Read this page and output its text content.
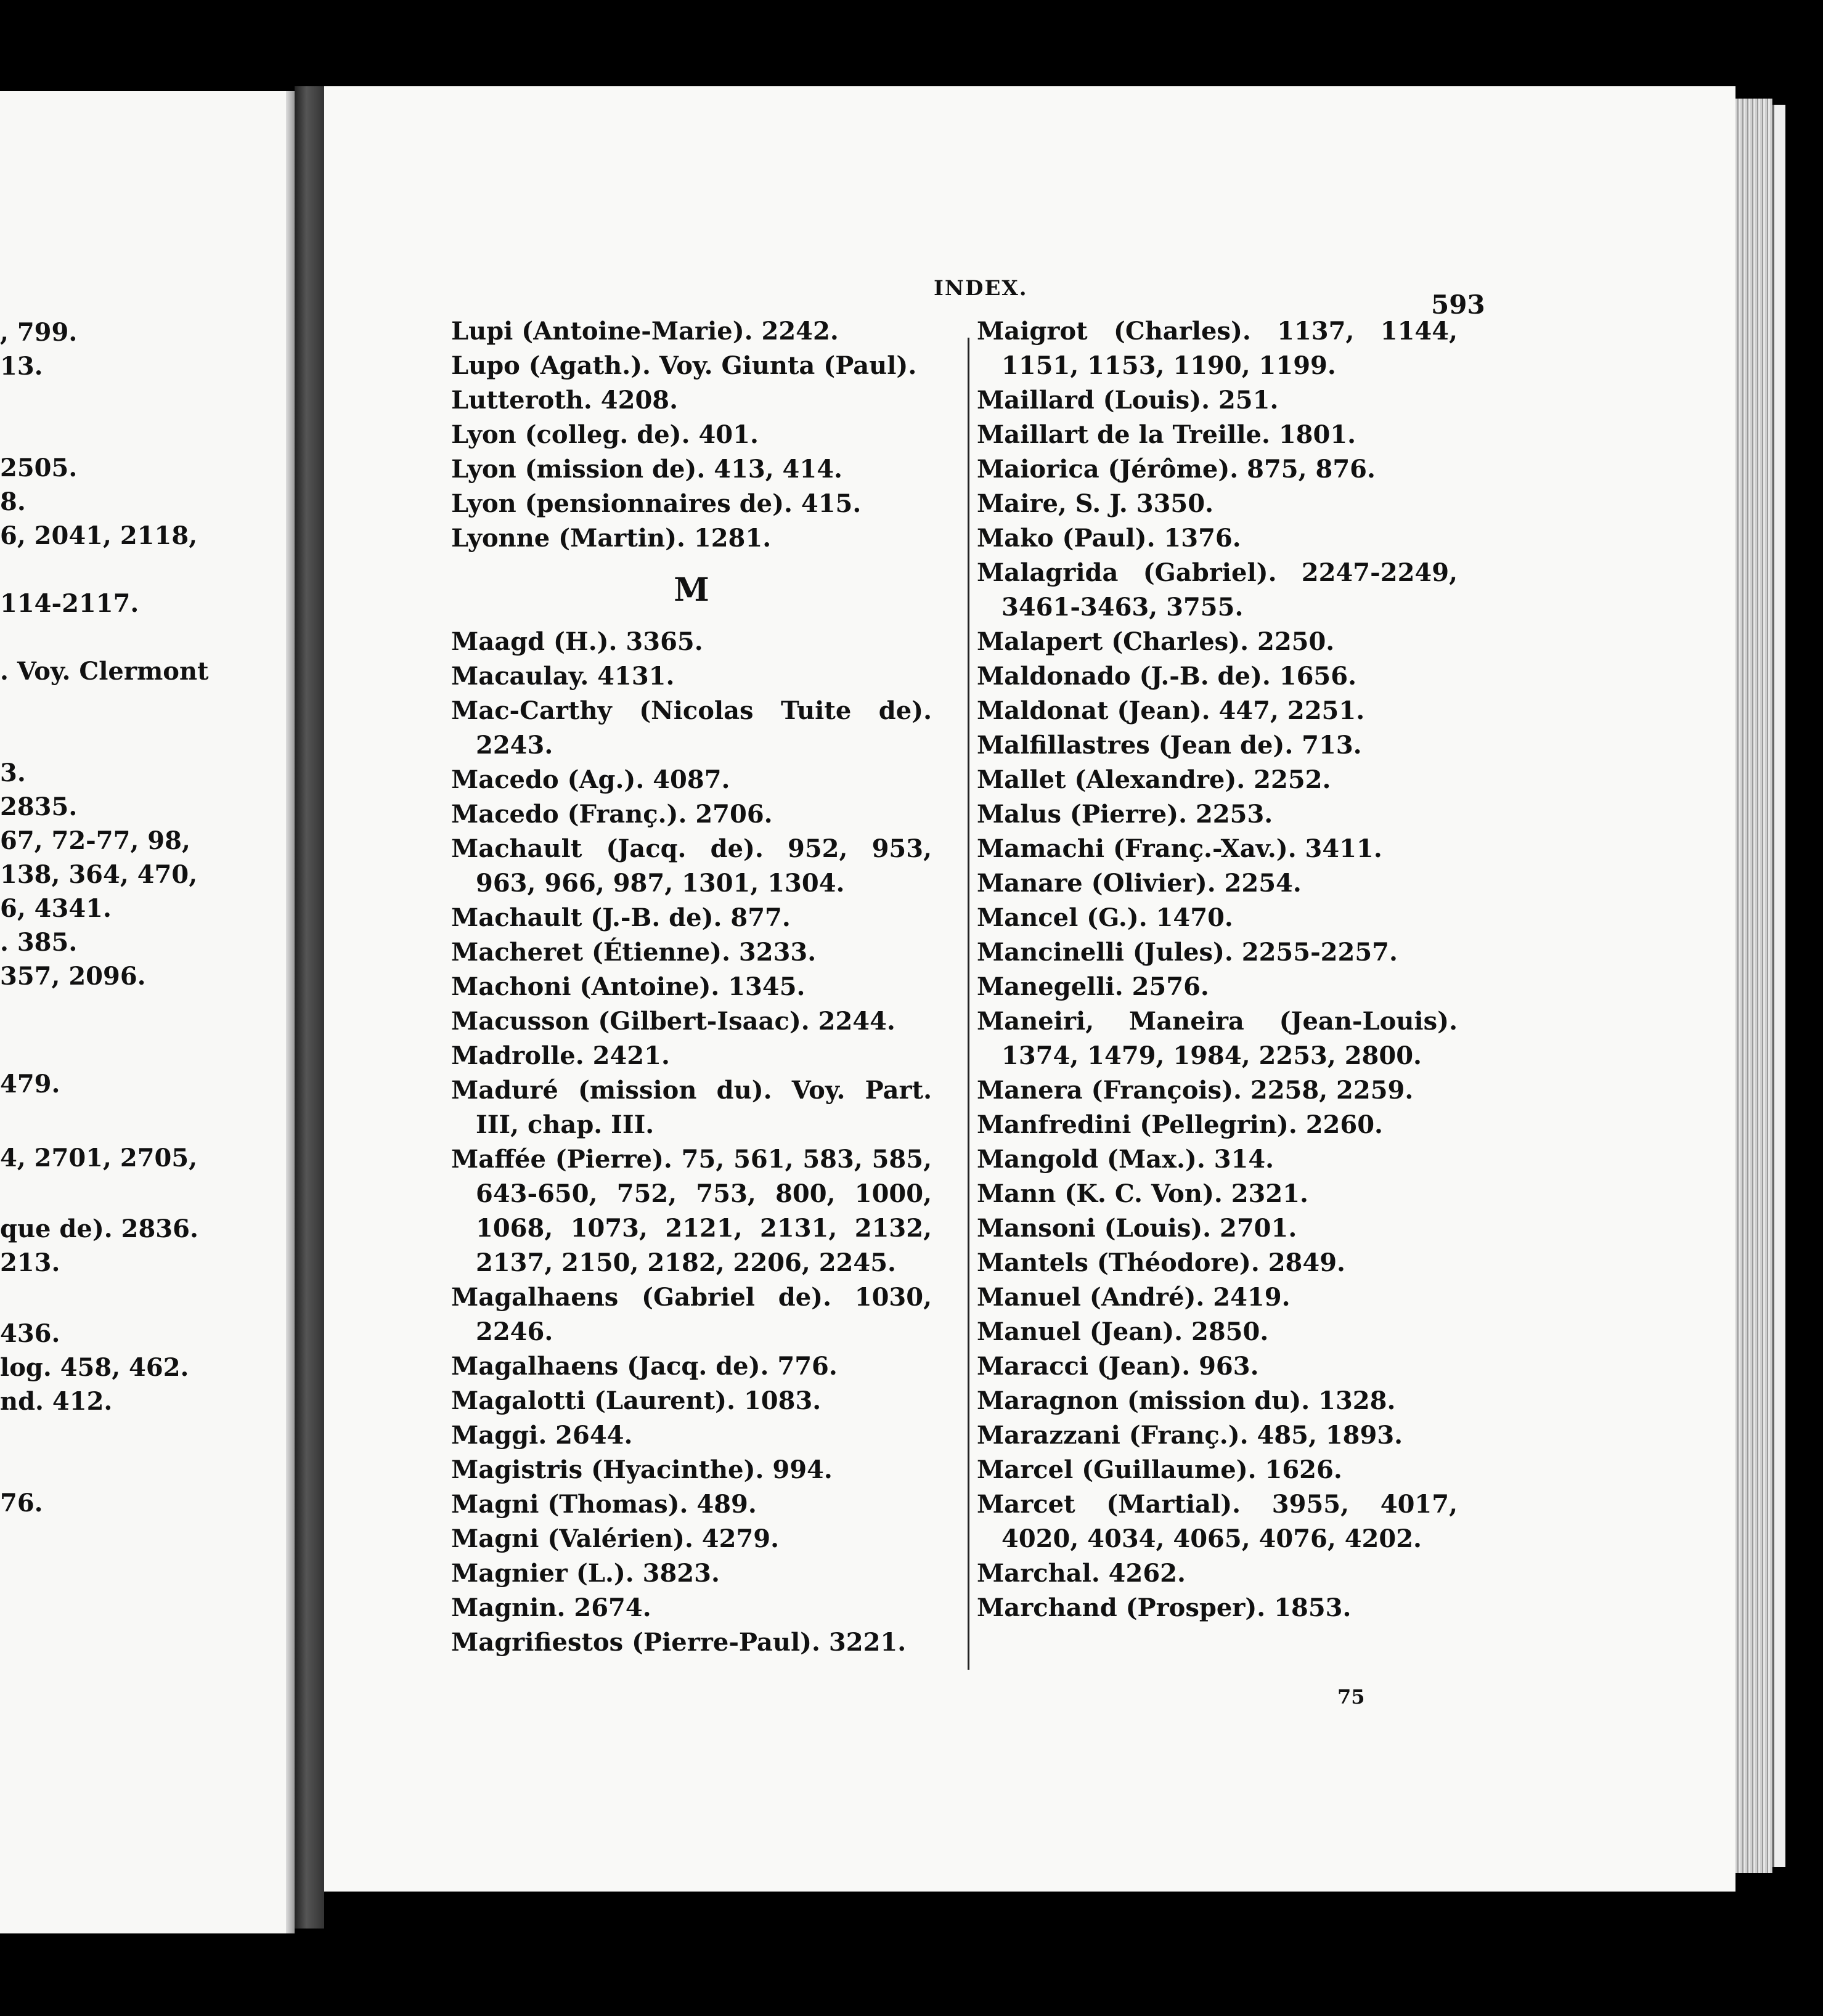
, 799.
13.
2505.
8.
6, 2041, 2118,
114-2117.
. Voy. Clermont
3.
2835.
67, 72-77, 98,
138, 364, 470,
6, 4341.
. 385.
357, 2096.
479.
4, 2701, 2705,
que de). 2836.
213.
436.
log. 458, 462.
nd. 412.
76.
INDEX.
593
Lupi (Antoine-Marie). 2242.
Lupo (Agath.). Voy. Giunta (Paul).
Lutteroth. 4208.
Lyon (colleg. de). 401.
Lyon (mission de). 413, 414.
Lyon (pensionnaires de). 415.
Lyonne (Martin). 1281.
M
Maagd (H.). 3365.
Macaulay. 4131.
Mac-Carthy (Nicolas Tuite de). 2243.
Macedo (Ag.). 4087.
Macedo (Franç.). 2706.
Machault (Jacq. de). 952, 953, 963, 966, 987, 1301, 1304.
Machault (J.-B. de). 877.
Macheret (Étienne). 3233.
Machoni (Antoine). 1345.
Macusson (Gilbert-Isaac). 2244.
Madrolle. 2421.
Maduré (mission du). Voy. Part. III, chap. III.
Maffée (Pierre). 75, 561, 583, 585, 643-650, 752, 753, 800, 1000, 1068, 1073, 2121, 2131, 2132, 2137, 2150, 2182, 2206, 2245.
Magalhaens (Gabriel de). 1030, 2246.
Magalhaens (Jacq. de). 776.
Magalotti (Laurent). 1083.
Maggi. 2644.
Magistris (Hyacinthe). 994.
Magni (Thomas). 489.
Magni (Valérien). 4279.
Magnier (L.). 3823.
Magnin. 2674.
Magrifiestos (Pierre-Paul). 3221.
Maigrot (Charles). 1137, 1144, 1151, 1153, 1190, 1199.
Maillard (Louis). 251.
Maillart de la Treille. 1801.
Maiorica (Jérôme). 875, 876.
Maire, S. J. 3350.
Mako (Paul). 1376.
Malagrida (Gabriel). 2247-2249, 3461-3463, 3755.
Malapert (Charles). 2250.
Maldonado (J.-B. de). 1656.
Maldonat (Jean). 447, 2251.
Malfillastres (Jean de). 713.
Mallet (Alexandre). 2252.
Malus (Pierre). 2253.
Mamachi (Franç.-Xav.). 3411.
Manare (Olivier). 2254.
Mancel (G.). 1470.
Mancinelli (Jules). 2255-2257.
Manegelli. 2576.
Maneiri, Maneira (Jean-Louis). 1374, 1479, 1984, 2253, 2800.
Manera (François). 2258, 2259.
Manfredini (Pellegrin). 2260.
Mangold (Max.). 314.
Mann (K. C. Von). 2321.
Mansoni (Louis). 2701.
Mantels (Théodore). 2849.
Manuel (André). 2419.
Manuel (Jean). 2850.
Maracci (Jean). 963.
Maragnon (mission du). 1328.
Marazzani (Franç.). 485, 1893.
Marcel (Guillaume). 1626.
Marcet (Martial). 3955, 4017, 4020, 4034, 4065, 4076, 4202.
Marchal. 4262.
Marchand (Prosper). 1853.
75
